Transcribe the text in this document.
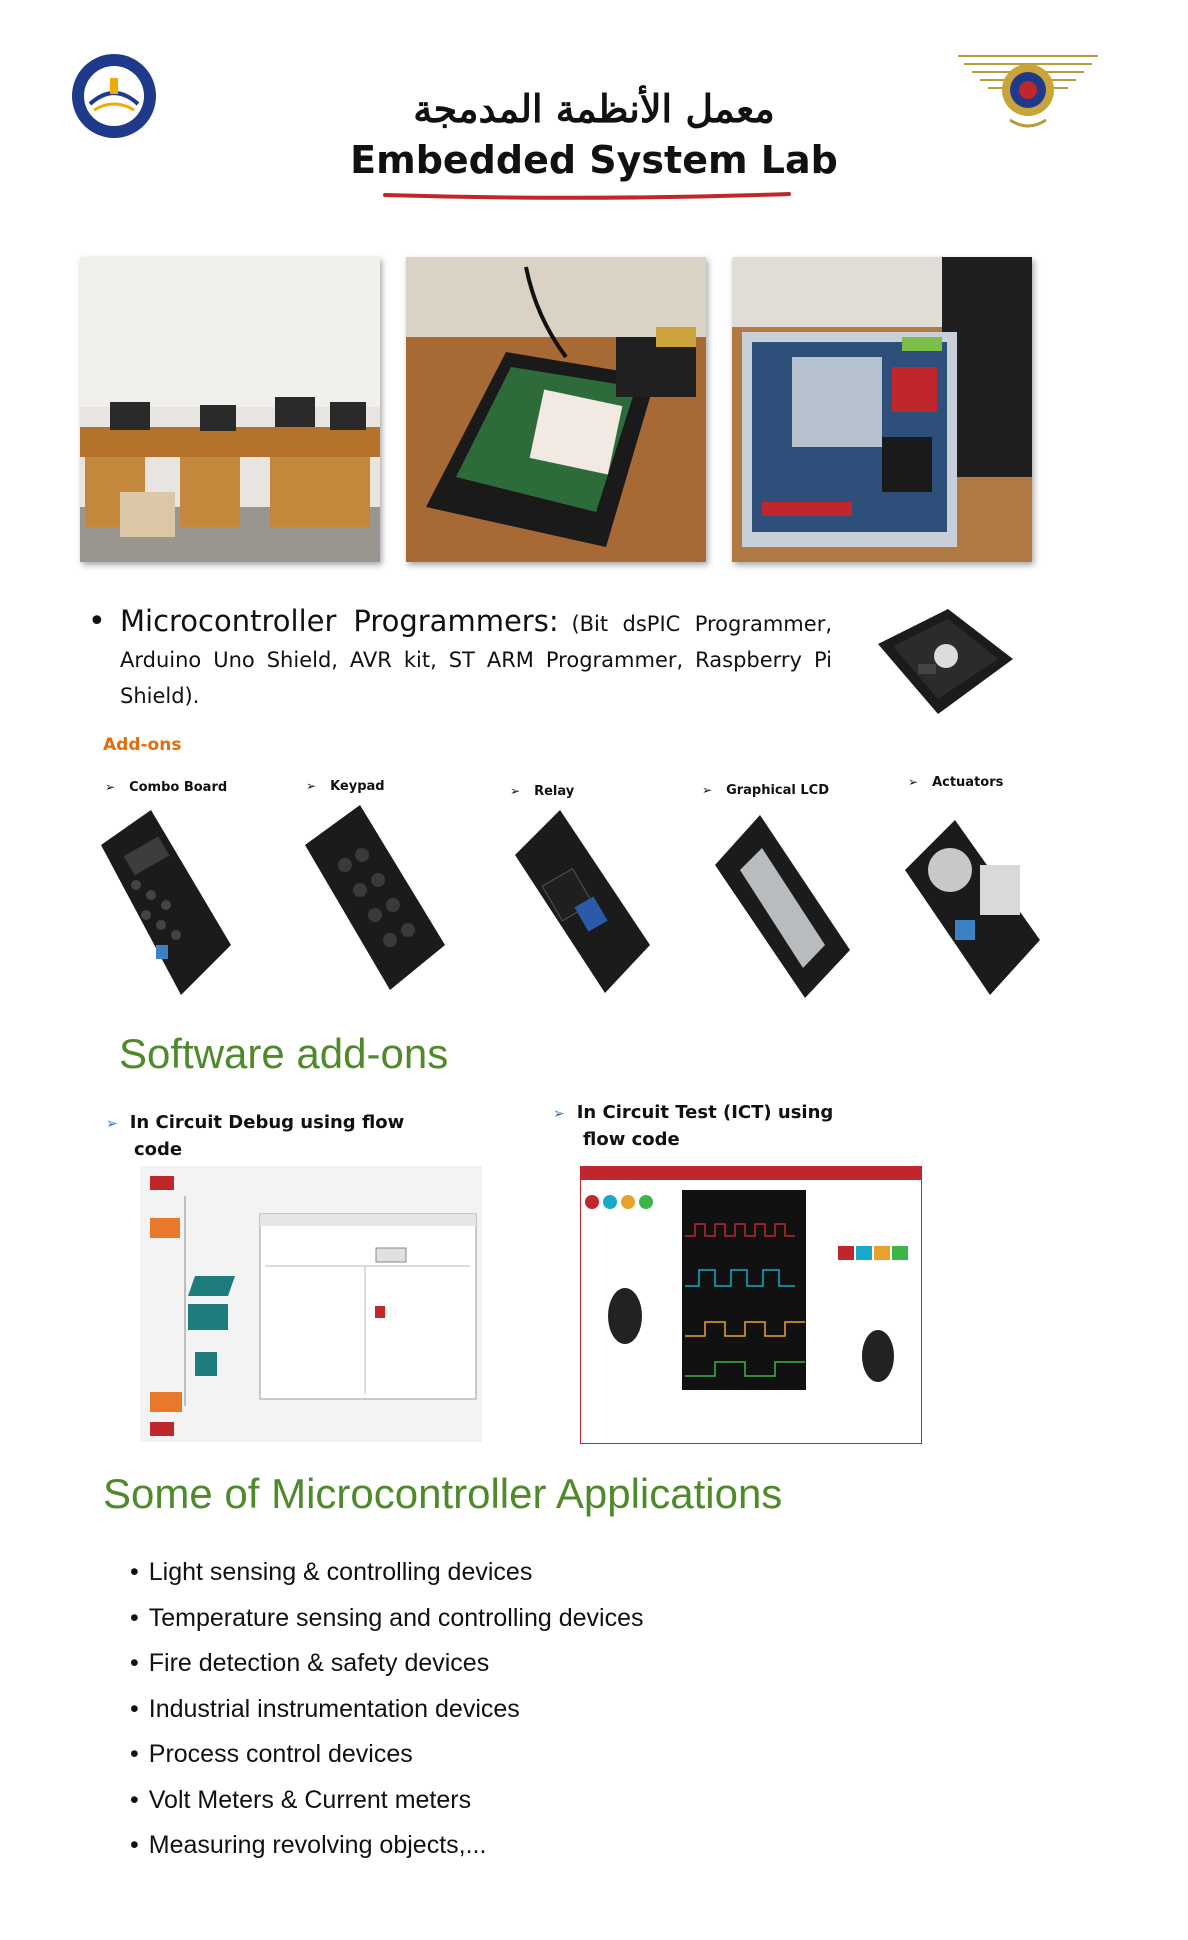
معمل الأنظمة المدمجة
Embedded System Lab
• Microcontroller Programmers: (Bit dsPIC Programmer, Arduino Uno Shield, AVR kit, ST ARM Programmer, Raspberry Pi Shield).
Add-ons
➢ Combo Board	➢ Keypad	➢ Relay	➢ Graphical LCD
➢ Actuators
Software add-ons
➢ In Circuit Debug using flow
code
➢ In Circuit Test (ICT) using
flow code
Some of Microcontroller Applications
• Light sensing & controlling devices
• Temperature sensing and controlling devices
• Fire detection & safety devices
• Industrial instrumentation devices
• Process control devices
• Volt Meters & Current meters
• Measuring revolving objects,...
